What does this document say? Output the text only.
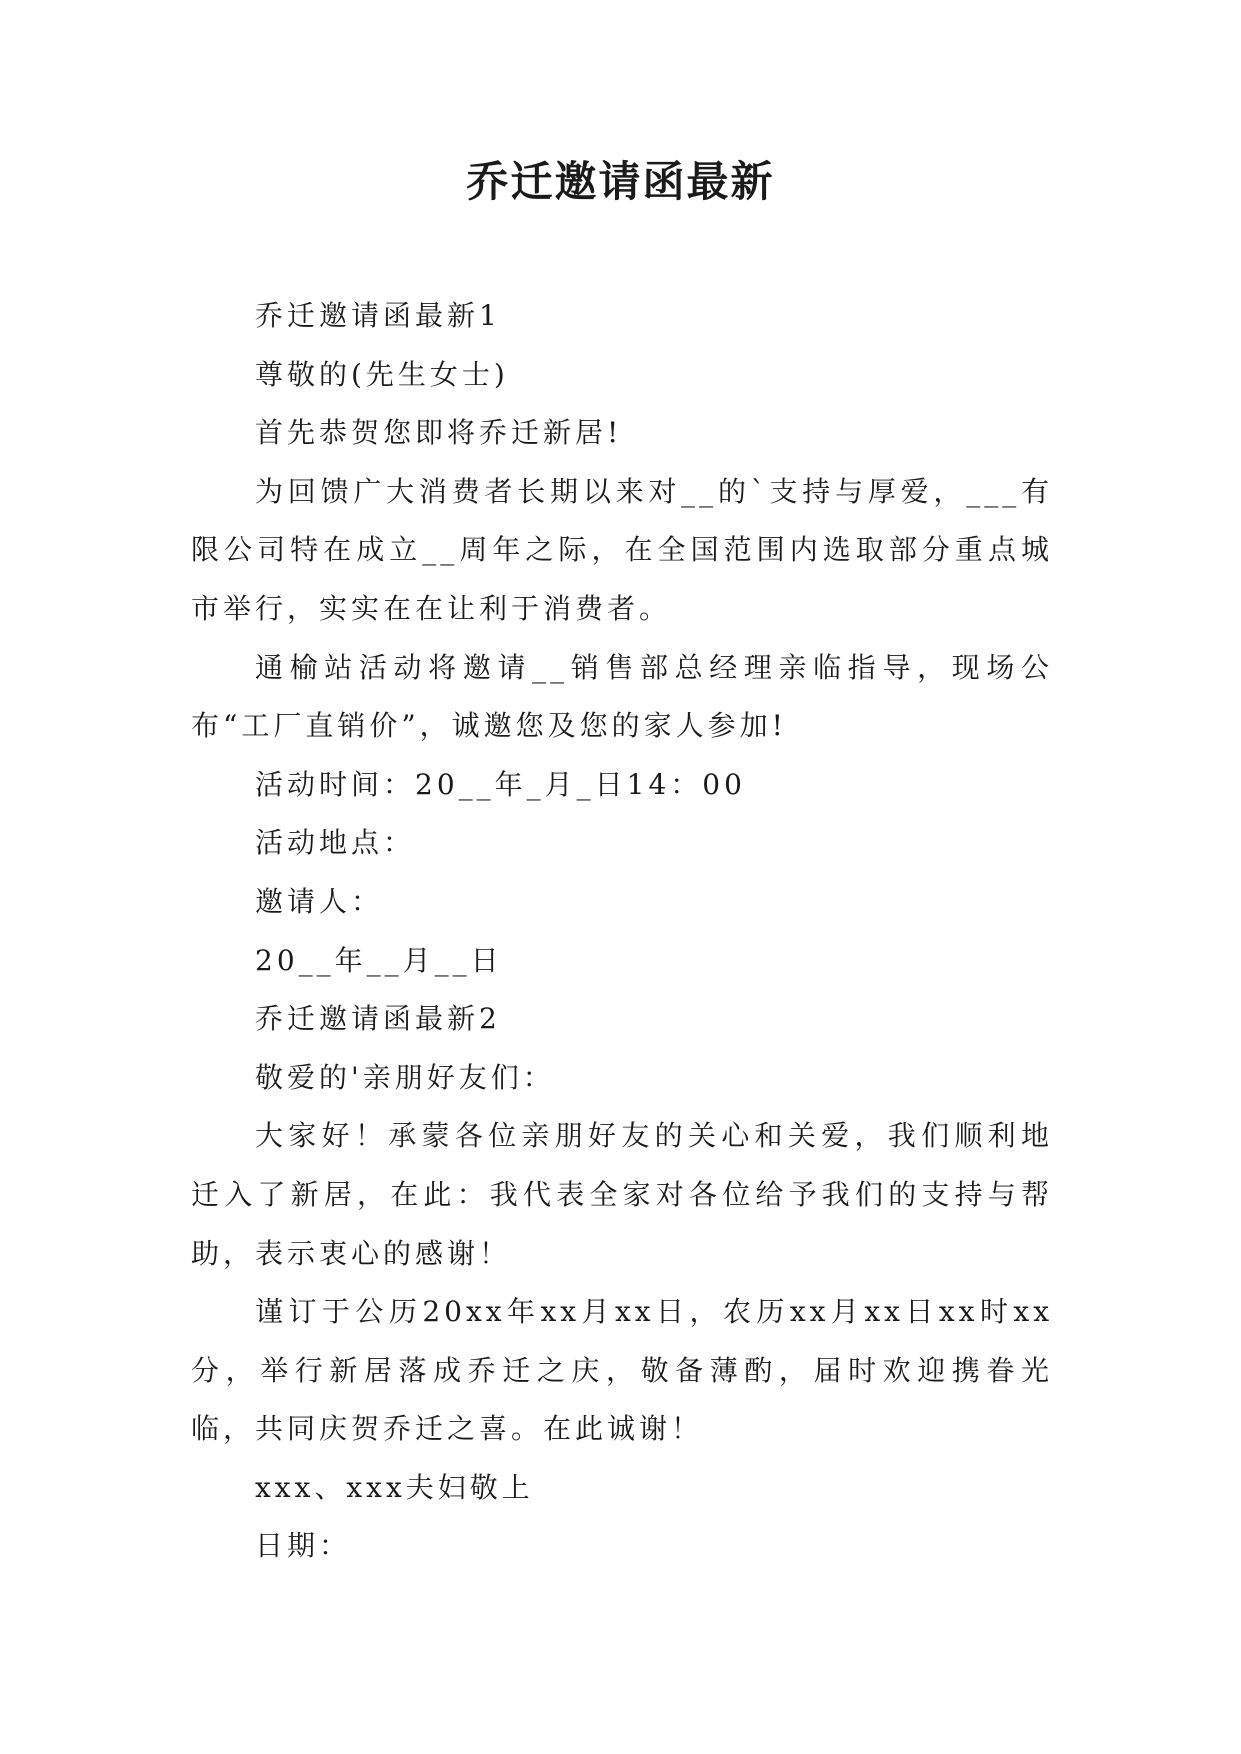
乔迁邀请函最新

乔迁邀请函最新1

尊敬的(先生女士)

首先恭贺您即将乔迁新居!

为回馈广大消费者长期以来对__的`支持与厚爱，___有限公司特在成立__周年之际，在全国范围内选取部分重点城市举行，实实在在让利于消费者。

通榆站活动将邀请__销售部总经理亲临指导，现场公布“工厂直销价”，诚邀您及您的家人参加!

活动时间：20__年_月_日14：00

活动地点：

邀请人：

20__年__月__日

乔迁邀请函最新2

敬爱的'亲朋好友们：

大家好！承蒙各位亲朋好友的关心和关爱，我们顺利地迁入了新居，在此：我代表全家对各位给予我们的支持与帮助，表示衷心的感谢！

谨订于公历20xx年xx月xx日，农历xx月xx日xx时xx分，举行新居落成乔迁之庆，敬备薄酌，届时欢迎携眷光临，共同庆贺乔迁之喜。在此诚谢！

xxx、xxx夫妇敬上

日期：
